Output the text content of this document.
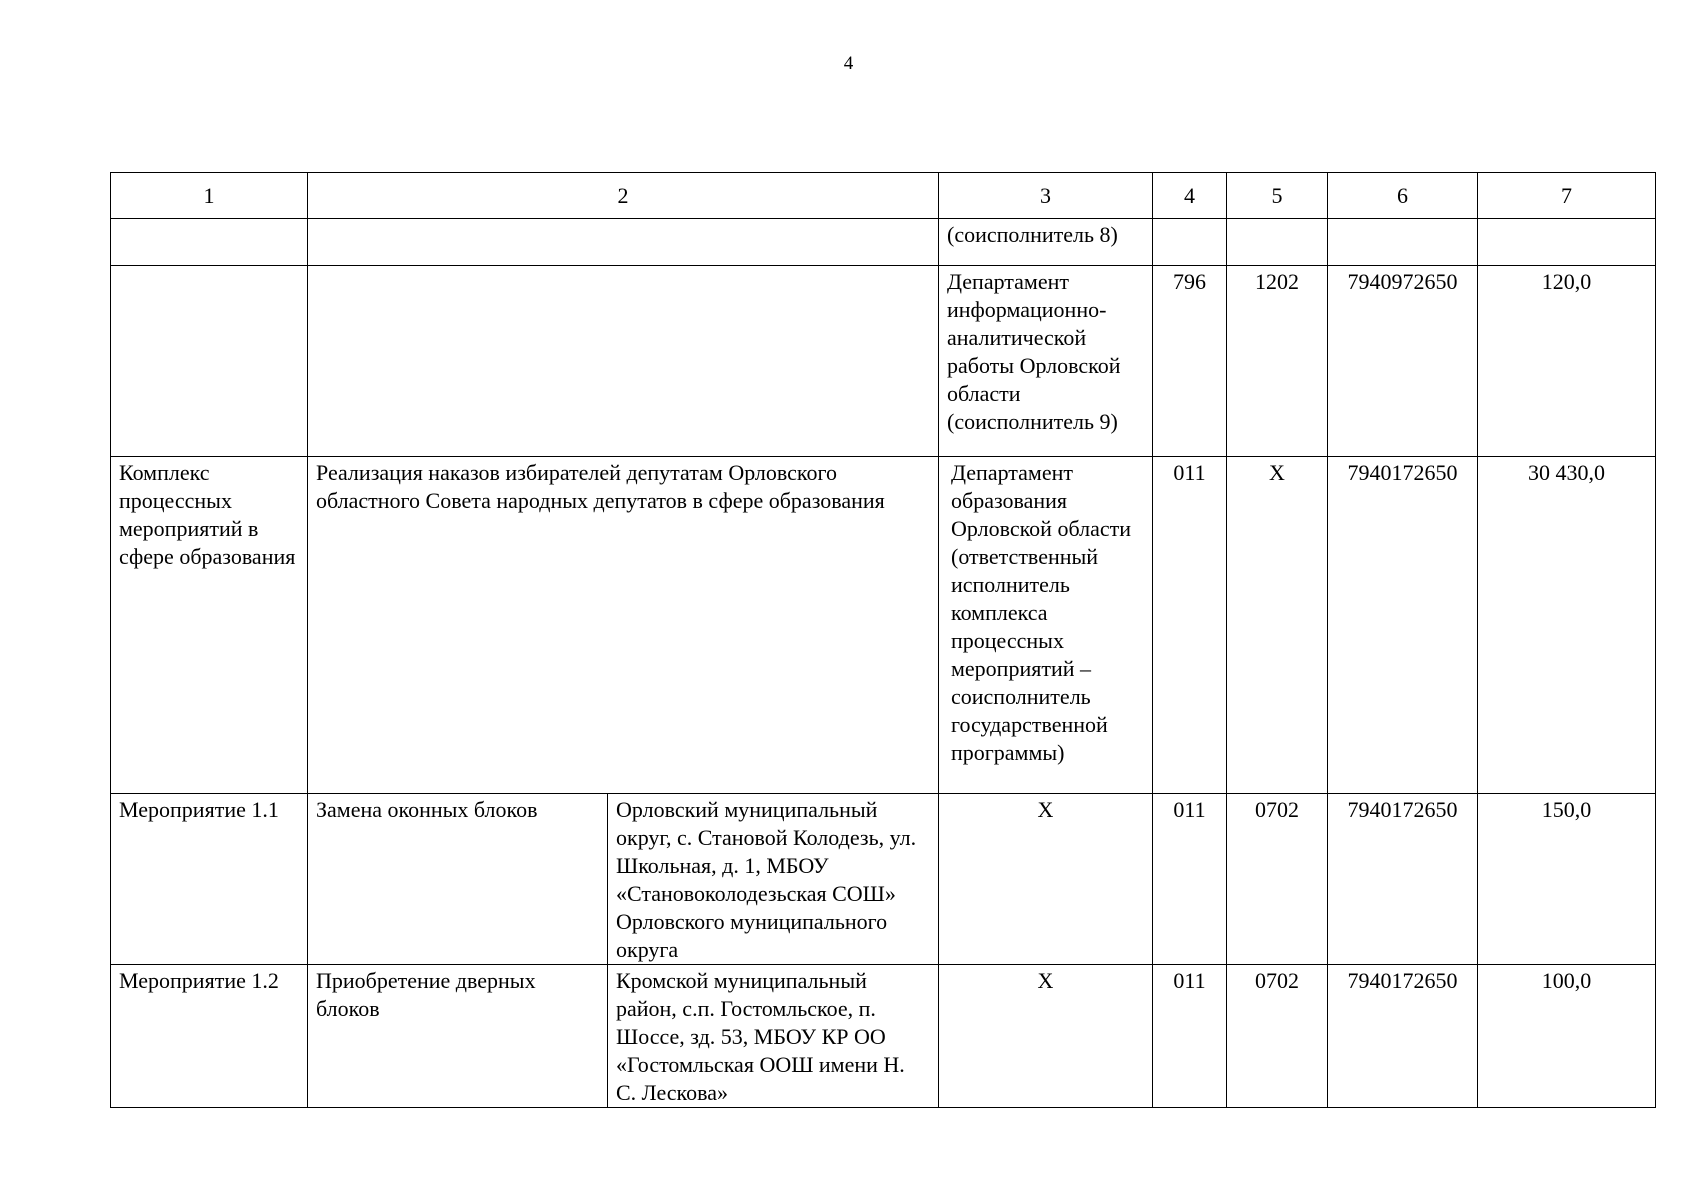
4
1	2		3	4	5	6	7
			(соисполнитель 8)				
			Департамент информационно-аналитической работы Орловской области (соисполнитель 9)	796	1202	7940972650	120,0
Комплекс процессных мероприятий в сфере образования	Реализация наказов избирателей депутатам Орловского областного Совета народных депутатов в сфере образования		Департамент образования Орловской области (ответственный исполнитель комплекса процессных мероприятий – соисполнитель государственной программы)	011	X	7940172650	30 430,0
Мероприятие 1.1	Замена оконных блоков	Орловский муниципальный округ, с. Становой Колодезь, ул. Школьная, д. 1, МБОУ «Становоколодезьская СОШ» Орловского муниципального округа	X	011	0702	7940172650	150,0
Мероприятие 1.2	Приобретение дверных блоков	Кромской муниципальный район, с.п. Гостомльское, п. Шоссе, зд. 53, МБОУ КР ОО «Гостомльская ООШ имени Н. С. Лескова»	X	011	0702	7940172650	100,0
